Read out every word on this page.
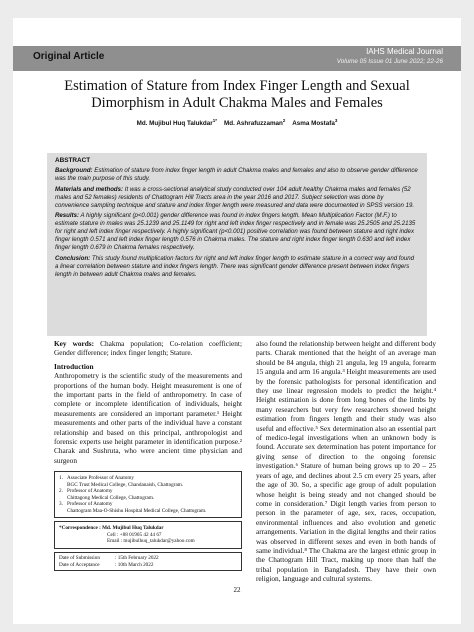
Original Article	IAHS Medical Journal
Volume 05 Issue 01 June 2022; 22-26
Estimation of Stature from Index Finger Length and Sexual Dimorphism in Adult Chakma Males and Females
Md. Mujibul Huq Talukdar$^{1*}$ Md. Ashrafuzzaman$^2$ Asma Mostafa$^3$
ABSTRACT

Background: Estimation of stature from index finger length in adult Chakma males and females and also to observe gender difference was the main purpose of this study.

Materials and methods: It was a cross-sectional analytical study conducted over 104 adult healthy Chakma males and females (52 males and 52 females) residents of Chattogram Hill Tracts area in the year 2016 and 2017. Subject selection was done by convenience sampling technique and stature and index finger length were measured and data were documented in SPSS version 19.

Results: A highly significant (p<0.001) gender difference was found in index fingers length. Mean Multiplication Factor (M.F.) to estimate stature in males was 25.1239 and 25.1149 for right and left index finger respectively and in female was 25.2505 and 25.2135 for right and left index finger respectively. A highly significant (p<0.001) positive correlation was found between stature and right index finger length 0.571 and left index finger length 0.576 in Chakma males. The stature and right index finger length 0.630 and left index finger length 0.679 in Chakma females respectively.

Conclusion: This study found multiplication factors for right and left index finger length to estimate stature in a correct way and found a linear correlation between stature and index fingers length. There was significant gender difference present between index fingers length in between adult Chakma males and females.

Key words: Chakma population; Co-relation coefficient; Gender difference; index finger length; Stature.

Introduction

Anthropometry is the scientific study of the measurements and proportions of the human body. Height measurement is one of the important parts in the field of anthropometry. In case of complete or incomplete identification of individuals, height measurements are considered an important parameter.¹ Height measurements and other parts of the individual have a constant relationship and based on this principal, anthropologist and forensic experts use height parameter in identification purpose.² Charak and Sushruta, who were ancient time physician and surgeon

1. Associate Professor of Anatomy
BGC Trust Medical College, Chandanaish, Chattogram.
2. Professor of Anatomy
Chittagong Medical College, Chattogram.
3. Professor of Anatomy
Chattogram Maa-O-Shishu Hospital Medical College, Chattogram.
*Correspondence : Md. Mujibul Huq Talukdar
Cell : +88 01905 42 44 67
Email : mujibulhuq_talukdar@yahoo.com
Date of Submission	: 15th February 2022
Date of Acceptance	: 10th March 2022

also found the relationship between height and different body parts. Charak mentioned that the height of an average man should be 84 angula, thigh 21 angula, leg 19 angula, forearm 15 angula and arm 16 angula.³ Height measurements are used by the forensic pathologists for personal identification and they use linear regression models to predict the height.⁴ Height estimation is done from long bones of the limbs by many researchers but very few researchers showed height estimation from fingers length and their study was also useful and effective.⁵ Sex determination also an essential part of medico-legal investigations when an unknown body is found. Accurate sex determination has potent importance for giving sense of direction to the ongoing forensic investigation.⁶ Stature of human being grows up to 20 – 25 years of age, and declines about 2.5 cm every 25 years, after the age of 30. So, a specific age group of adult population whose height is being steady and not changed should be come in consideration.⁷ Digit length varies from person to person in the parameter of age, sex, races, occupation, environmental influences and also evolution and genetic arrangements. Variation in the digital lengths and their ratios was observed in different sexes and even in both hands of same individual.⁸ The Chakma are the largest ethnic group in the Chattogram Hill Tract, making up more than half the tribal population in Bangladesh. They have their own religion, language and cultural systems.

22
